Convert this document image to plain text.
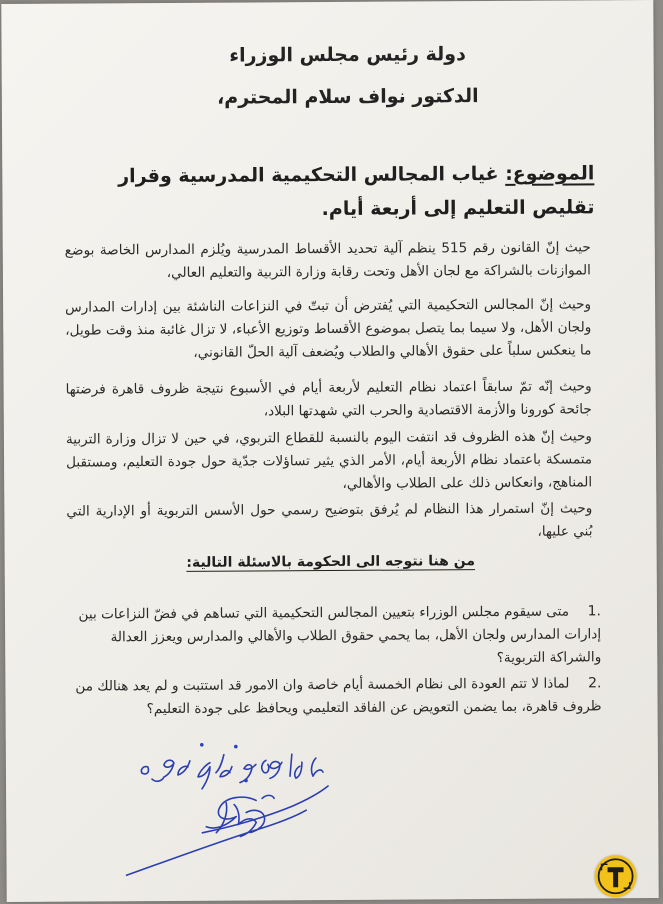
دولة رئيس مجلس الوزراء
الدكتور نواف سلام المحترم،
الموضوع: غياب المجالس التحكيمية المدرسية وقرار تقليص التعليم إلى أربعة أيام.
حيث إنّ القانون رقم 515 ينظم آلية تحديد الأقساط المدرسية ويُلزم المدارس الخاصة بوضع الموازنات بالشراكة مع لجان الأهل وتحت رقابة وزارة التربية والتعليم العالي،
وحيث إنّ المجالس التحكيمية التي يُفترض أن تبتّ في النزاعات الناشئة بين إدارات المدارس ولجان الأهل، ولا سيما بما يتصل بموضوع الأقساط وتوزيع الأعباء، لا تزال غائبة منذ وقت طويل، ما ينعكس سلباً على حقوق الأهالي والطلاب ويُضعف آلية الحلّ القانوني،
وحيث إنّه تمّ سابقاً اعتماد نظام التعليم لأربعة أيام في الأسبوع نتيجة ظروف قاهرة فرضتها جائحة كورونا والأزمة الاقتصادية والحرب التي شهدتها البلاد،
وحيث إنّ هذه الظروف قد انتفت اليوم بالنسبة للقطاع التربوي، في حين لا تزال وزارة التربية متمسكة باعتماد نظام الأربعة أيام، الأمر الذي يثير تساؤلات جدّية حول جودة التعليم، ومستقبل المناهج، وانعكاس ذلك على الطلاب والأهالي،
وحيث إنّ استمرار هذا النظام لم يُرفق بتوضيح رسمي حول الأسس التربوية أو الإدارية التي بُني عليها،
من هنا نتوجه الى الحكومة بالاسئلة التالية:
1.
متى سيقوم مجلس الوزراء بتعيين المجالس التحكيمية التي تساهم في فضّ النزاعات بين إدارات المدارس ولجان الأهل، بما يحمي حقوق الطلاب والأهالي والمدارس ويعزز العدالة والشراكة التربوية؟
2.
لماذا لا تتم العودة الى نظام الخمسة أيام خاصة وان الامور قد استتبت و لم يعد هنالك من ظروف قاهرة، بما يضمن التعويض عن الفاقد التعليمي ويحافظ على جودة التعليم؟
